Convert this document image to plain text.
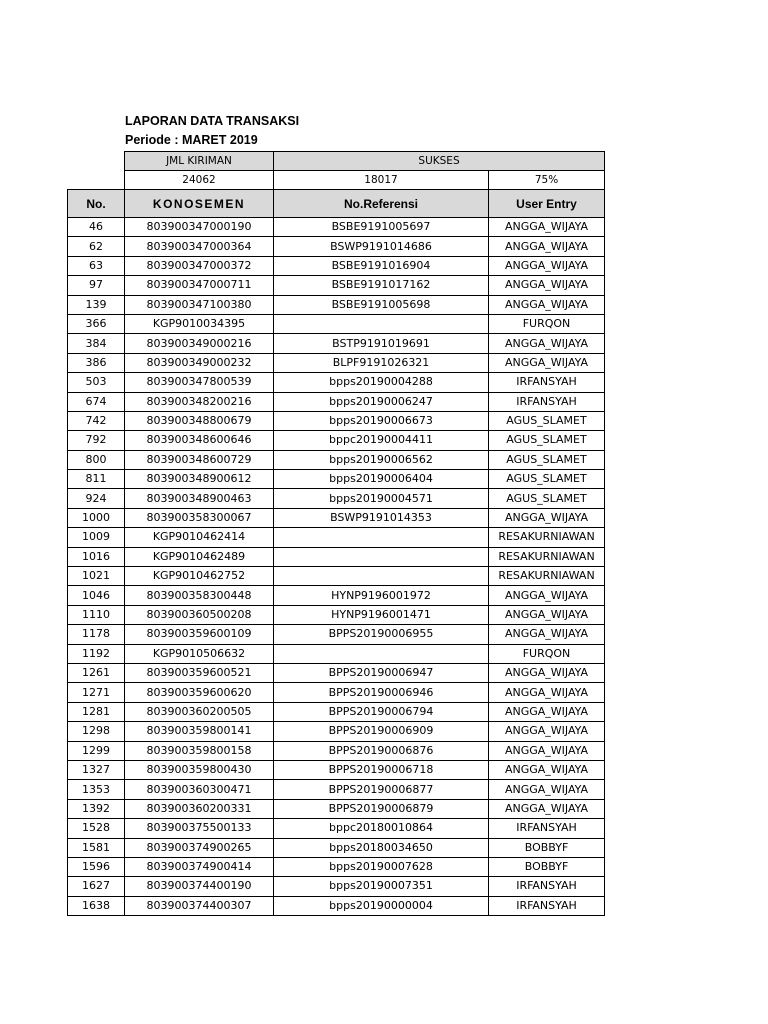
LAPORAN DATA TRANSAKSI
Periode : MARET 2019
	JML KIRIMAN	SUKSES	
	24062	18017	75%
No.	KONOSEMEN	No.Referensi	User Entry
46	803900347000190	BSBE9191005697	ANGGA_WIJAYA
62	803900347000364	BSWP9191014686	ANGGA_WIJAYA
63	803900347000372	BSBE9191016904	ANGGA_WIJAYA
97	803900347000711	BSBE9191017162	ANGGA_WIJAYA
139	803900347100380	BSBE9191005698	ANGGA_WIJAYA
366	KGP9010034395		FURQON
384	803900349000216	BSTP9191019691	ANGGA_WIJAYA
386	803900349000232	BLPF9191026321	ANGGA_WIJAYA
503	803900347800539	bpps20190004288	IRFANSYAH
674	803900348200216	bpps20190006247	IRFANSYAH
742	803900348800679	bpps20190006673	AGUS_SLAMET
792	803900348600646	bppc20190004411	AGUS_SLAMET
800	803900348600729	bpps20190006562	AGUS_SLAMET
811	803900348900612	bpps20190006404	AGUS_SLAMET
924	803900348900463	bpps20190004571	AGUS_SLAMET
1000	803900358300067	BSWP9191014353	ANGGA_WIJAYA
1009	KGP9010462414		RESAKURNIAWAN
1016	KGP9010462489		RESAKURNIAWAN
1021	KGP9010462752		RESAKURNIAWAN
1046	803900358300448	HYNP9196001972	ANGGA_WIJAYA
1110	803900360500208	HYNP9196001471	ANGGA_WIJAYA
1178	803900359600109	BPPS20190006955	ANGGA_WIJAYA
1192	KGP9010506632		FURQON
1261	803900359600521	BPPS20190006947	ANGGA_WIJAYA
1271	803900359600620	BPPS20190006946	ANGGA_WIJAYA
1281	803900360200505	BPPS20190006794	ANGGA_WIJAYA
1298	803900359800141	BPPS20190006909	ANGGA_WIJAYA
1299	803900359800158	BPPS20190006876	ANGGA_WIJAYA
1327	803900359800430	BPPS20190006718	ANGGA_WIJAYA
1353	803900360300471	BPPS20190006877	ANGGA_WIJAYA
1392	803900360200331	BPPS20190006879	ANGGA_WIJAYA
1528	803900375500133	bppc20180010864	IRFANSYAH
1581	803900374900265	bpps20180034650	BOBBYF
1596	803900374900414	bpps20190007628	BOBBYF
1627	803900374400190	bpps20190007351	IRFANSYAH
1638	803900374400307	bpps20190000004	IRFANSYAH
